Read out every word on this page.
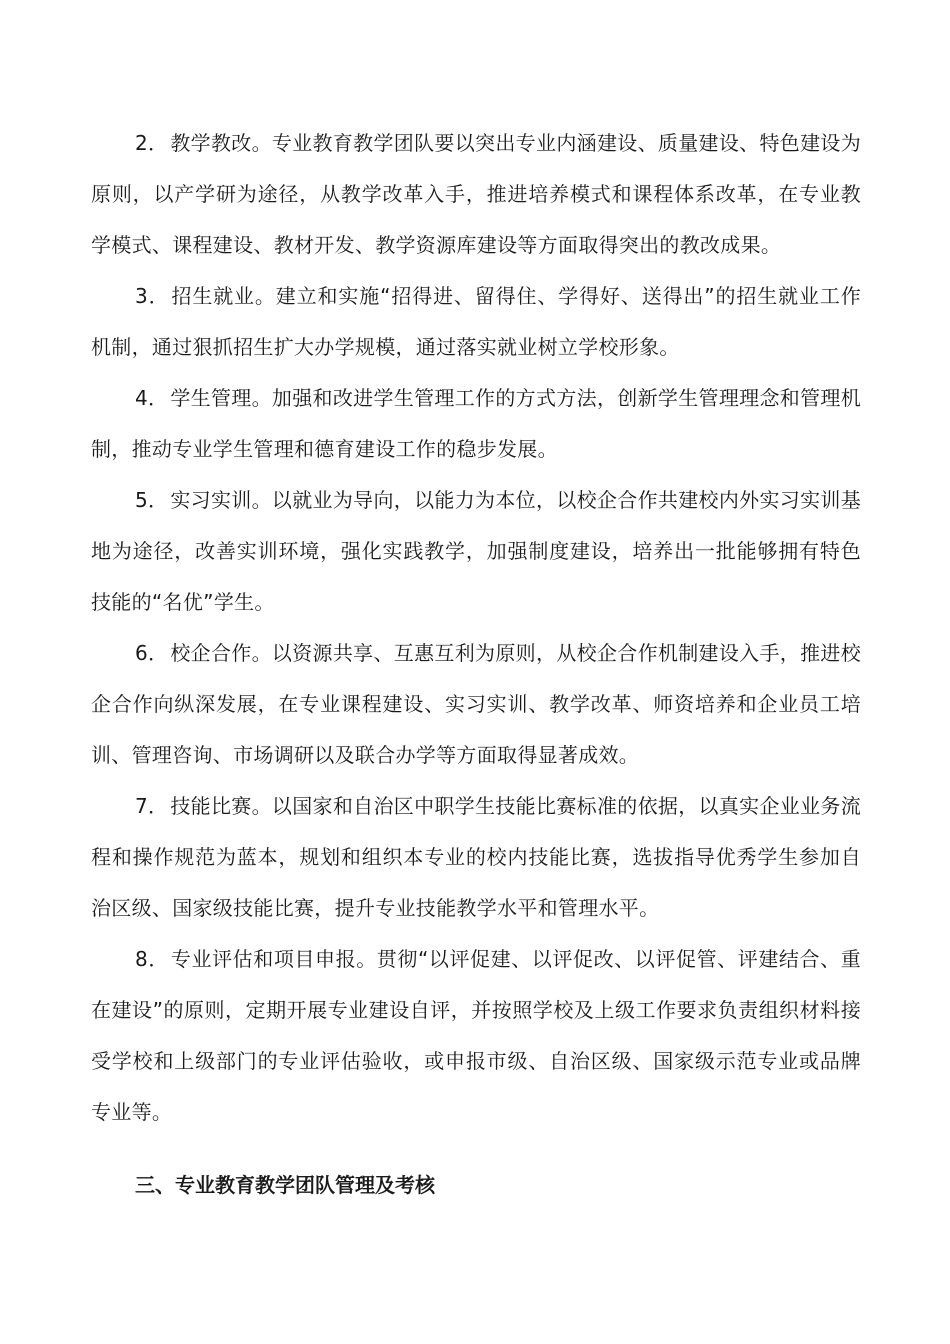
2． 教学教改。专业教育教学团队要以突出专业内涵建设、质量建设、特色建设为原则，以产学研为途径，从教学改革入手，推进培养模式和课程体系改革，在专业教学模式、课程建设、教材开发、教学资源库建设等方面取得突出的教改成果。

3． 招生就业。建立和实施“招得进、留得住、学得好、送得出”的招生就业工作机制，通过狠抓招生扩大办学规模，通过落实就业树立学校形象。

4． 学生管理。加强和改进学生管理工作的方式方法，创新学生管理理念和管理机制，推动专业学生管理和德育建设工作的稳步发展。

5． 实习实训。以就业为导向，以能力为本位，以校企合作共建校内外实习实训基地为途径，改善实训环境，强化实践教学，加强制度建设，培养出一批能够拥有特色技能的“名优”学生。

6． 校企合作。以资源共享、互惠互利为原则，从校企合作机制建设入手，推进校企合作向纵深发展，在专业课程建设、实习实训、教学改革、师资培养和企业员工培训、管理咨询、市场调研以及联合办学等方面取得显著成效。

7． 技能比赛。以国家和自治区中职学生技能比赛标准的依据，以真实企业业务流程和操作规范为蓝本，规划和组织本专业的校内技能比赛，选拔指导优秀学生参加自治区级、国家级技能比赛，提升专业技能教学水平和管理水平。

8． 专业评估和项目申报。贯彻“以评促建、以评促改、以评促管、评建结合、重在建设”的原则，定期开展专业建设自评，并按照学校及上级工作要求负责组织材料接受学校和上级部门的专业评估验收，或申报市级、自治区级、国家级示范专业或品牌专业等。

三、专业教育教学团队管理及考核
